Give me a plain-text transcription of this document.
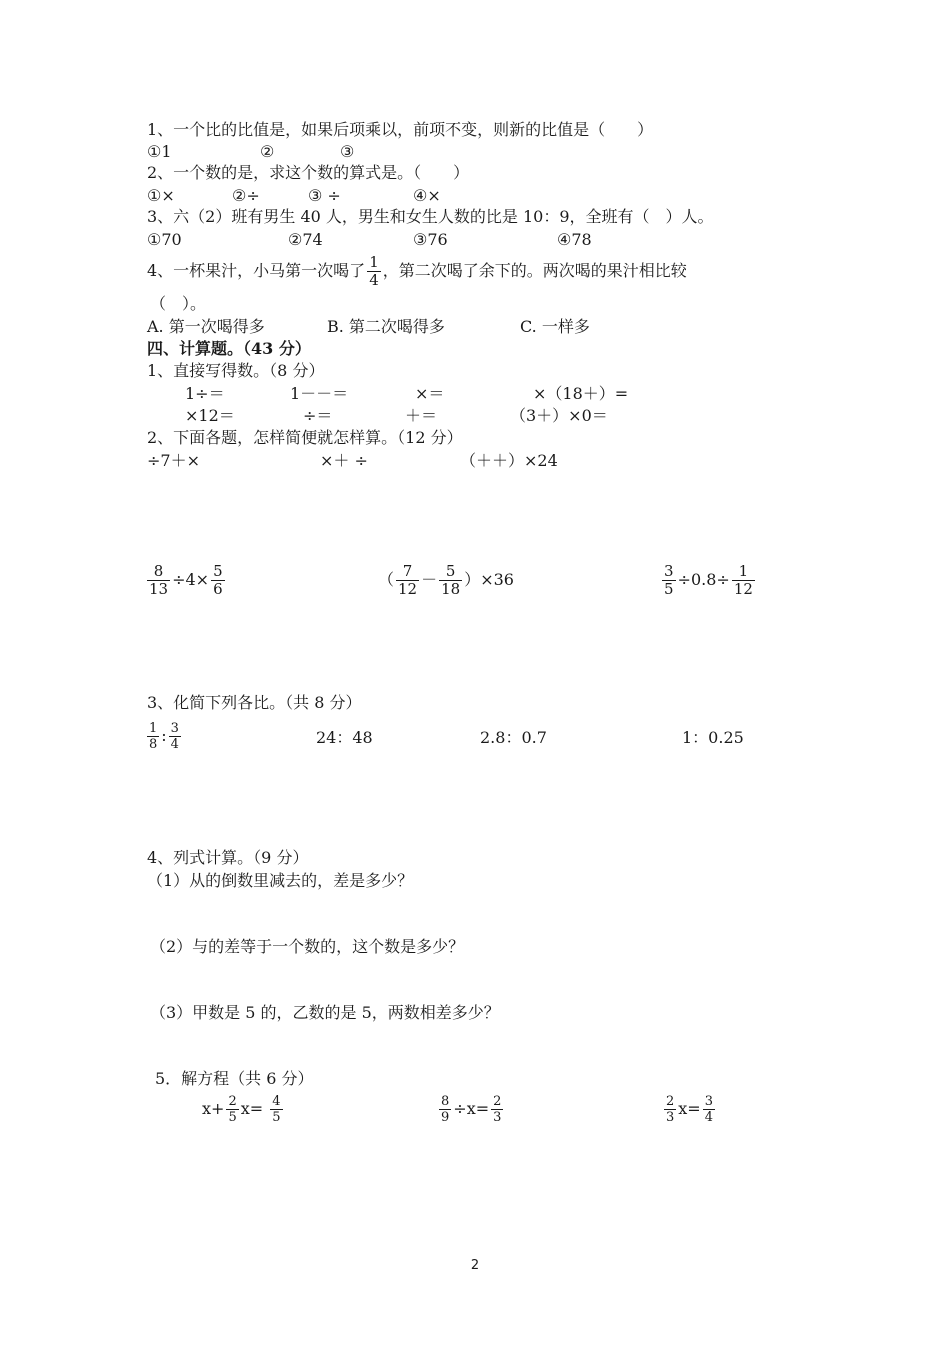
1、一个比的比值是，如果后项乘以，前项不变，则新的比值是（　　）
①1	②	③
2、一个数的是，求这个数的算式是。（　　）
①×	②÷	③ ÷	④×
3、六（2）班有男生 40 人，男生和女生人数的比是 10：9，全班有（　）人。
①70	②74	③76	④78
4、一杯果汁，小马第一次喝了 $\frac{1}{4}$ ，第二次喝了余下的。两次喝的果汁相比较
（　）。
A. 第一次喝得多	B. 第二次喝得多	C. 一样多
四、计算题。（43 分）
1、直接写得数。（8 分）
1÷＝	1－－＝	×＝	×（18＋）=
×12＝	÷＝	＋＝	（3＋）×0＝
2、下面各题，怎样简便就怎样算。（12 分）
÷7＋×	×＋ ÷	（＋＋）×24
$\frac{8}{13} \div 4\times \frac{5}{6}$	（ $\frac{7}{12} - \frac{5}{18} )\times 36$	$\frac{3}{5} \div 0.8\div \frac{1}{12}$
3、化简下列各比。（共 8 分）
$\frac{1}{8}$ : $\frac{3}{4}$	24：48	2.8：0.7	1：0.25
4、列式计算。（9 分）
（1）从的倒数里减去的，差是多少？
（2）与的差等于一个数的，这个数是多少？
（3）甲数是 5 的，乙数的是 5，两数相差多少？
5．解方程（共 6 分）
$x+ \frac{2}{5} x= \frac{4}{5}$	$\frac{8}{9} \div x= \frac{2}{3}$	$\frac{2}{3} x= \frac{3}{4}$
2
